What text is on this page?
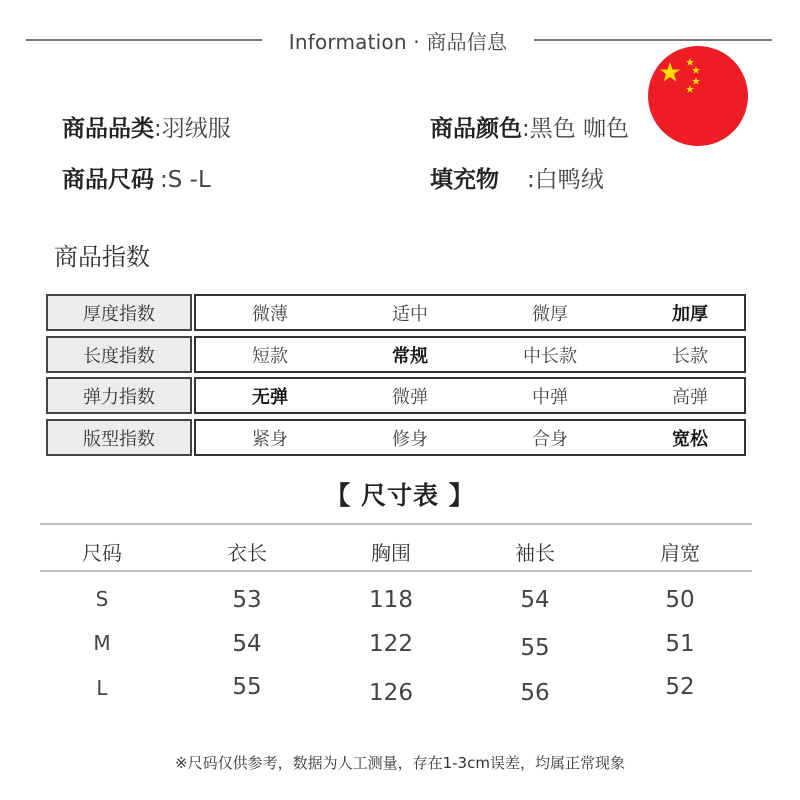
Information · 商品信息
商品品类:羽绒服	商品颜色:黑色 咖色
商品尺码 :S -L	填充物 :白鸭绒
商品指数
厚度指数	微薄	适中	微厚	加厚
长度指数	短款	常规	中长款	长款
弹力指数	无弹	微弹	中弹	高弹
版型指数	紧身	修身	合身	宽松
【 尺寸表 】
尺码	衣长	胸围	袖长	肩宽
S	53	118	54	50
M	54	122	55	51
L	55	126	56	52
※尺码仅供参考，数据为人工测量，存在1-3cm误差，均属正常现象
